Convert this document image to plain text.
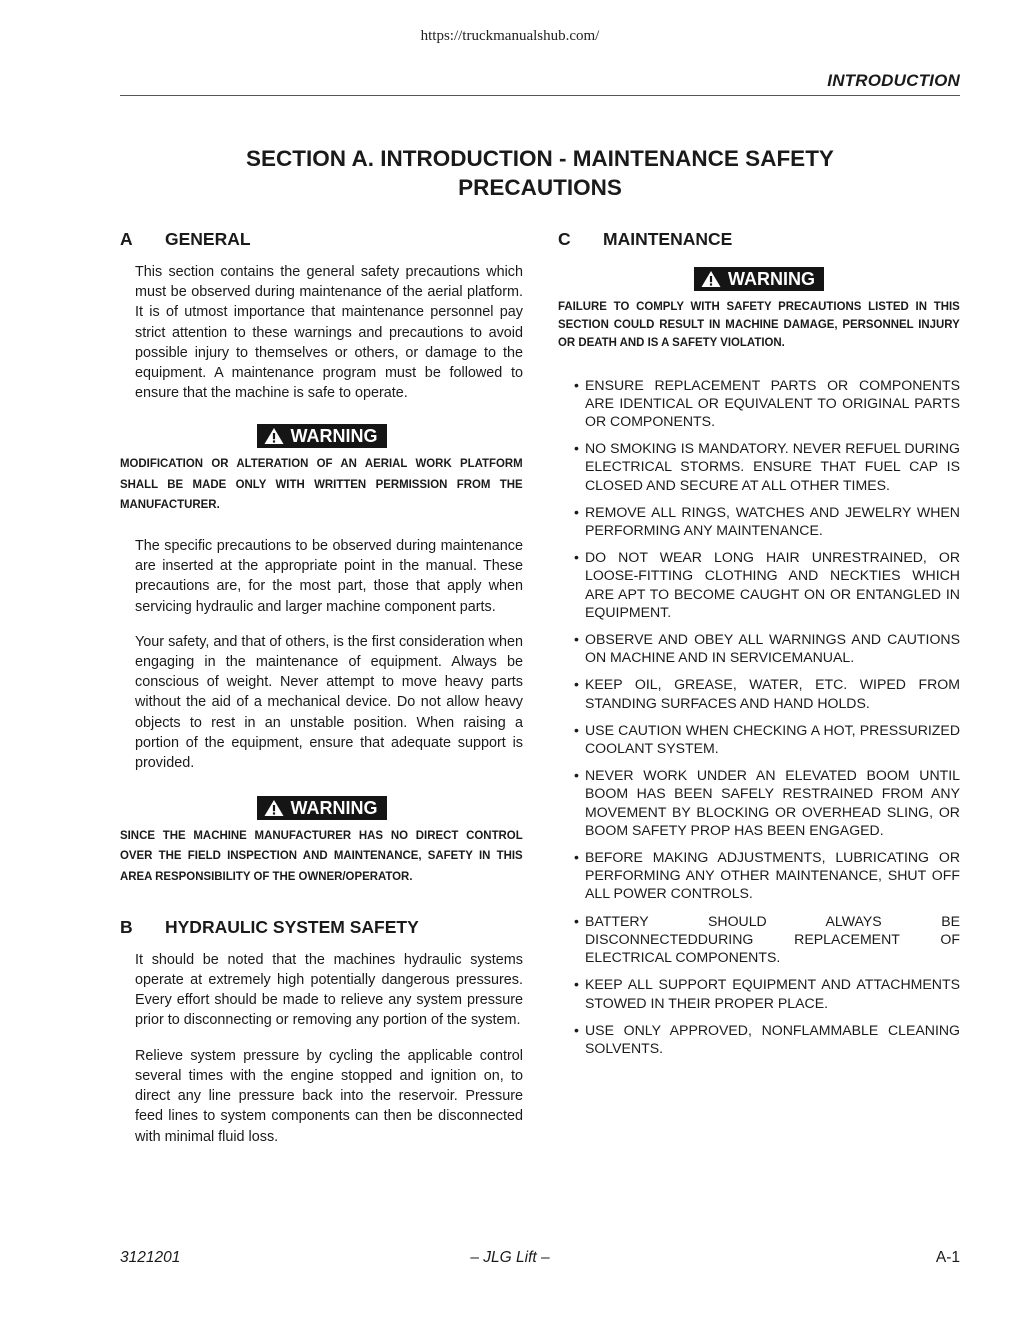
https://truckmanualshub.com/
INTRODUCTION
SECTION A. INTRODUCTION - MAINTENANCE SAFETY
PRECAUTIONS
A	GENERAL
This section contains the general safety precautions which must be observed during maintenance of the aerial platform. It is of utmost importance that maintenance personnel pay strict attention to these warnings and precautions to avoid possible injury to themselves or others, or damage to the equipment. A maintenance program must be followed to ensure that the machine is safe to operate.
WARNING
MODIFICATION OR ALTERATION OF AN AERIAL WORK PLATFORM SHALL BE MADE ONLY WITH WRITTEN PERMISSION FROM THE MANUFACTURER.
The specific precautions to be observed during maintenance are inserted at the appropriate point in the manual. These precautions are, for the most part, those that apply when servicing hydraulic and larger machine component parts.
Your safety, and that of others, is the first consideration when engaging in the maintenance of equipment. Always be conscious of weight. Never attempt to move heavy parts without the aid of a mechanical device. Do not allow heavy objects to rest in an unstable position. When raising a portion of the equipment, ensure that adequate support is provided.
WARNING
SINCE THE MACHINE MANUFACTURER HAS NO DIRECT CONTROL OVER THE FIELD INSPECTION AND MAINTENANCE, SAFETY IN THIS AREA RESPONSIBILITY OF THE OWNER/OPERATOR.
B	HYDRAULIC SYSTEM SAFETY
It should be noted that the machines hydraulic systems operate at extremely high potentially dangerous pressures. Every effort should be made to relieve any system pressure prior to disconnecting or removing any portion of the system.
Relieve system pressure by cycling the applicable control several times with the engine stopped and ignition on, to direct any line pressure back into the reservoir. Pressure feed lines to system components can then be disconnected with minimal fluid loss.
C	MAINTENANCE
WARNING
FAILURE TO COMPLY WITH SAFETY PRECAUTIONS LISTED IN THIS SECTION COULD RESULT IN MACHINE DAMAGE, PERSONNEL INJURY OR DEATH AND IS A SAFETY VIOLATION.
• ENSURE REPLACEMENT PARTS OR COMPONENTS ARE IDENTICAL OR EQUIVALENT TO ORIGINAL PARTS OR COMPONENTS.
• NO SMOKING IS MANDATORY. NEVER REFUEL DURING ELECTRICAL STORMS. ENSURE THAT FUEL CAP IS CLOSED AND SECURE AT ALL OTHER TIMES.
• REMOVE ALL RINGS, WATCHES AND JEWELRY WHEN PERFORMING ANY MAINTENANCE.
• DO NOT WEAR LONG HAIR UNRESTRAINED, OR LOOSE-FITTING CLOTHING AND NECKTIES WHICH ARE APT TO BECOME CAUGHT ON OR ENTANGLED IN EQUIPMENT.
• OBSERVE AND OBEY ALL WARNINGS AND CAUTIONS ON MACHINE AND IN SERVICEMANUAL.
• KEEP OIL, GREASE, WATER, ETC. WIPED FROM STANDING SURFACES AND HAND HOLDS.
• USE CAUTION WHEN CHECKING A HOT, PRESSURIZED COOLANT SYSTEM.
• NEVER WORK UNDER AN ELEVATED BOOM UNTIL BOOM HAS BEEN SAFELY RESTRAINED FROM ANY MOVEMENT BY BLOCKING OR OVERHEAD SLING, OR BOOM SAFETY PROP HAS BEEN ENGAGED.
• BEFORE MAKING ADJUSTMENTS, LUBRICATING OR PERFORMING ANY OTHER MAINTENANCE, SHUT OFF ALL POWER CONTROLS.
• BATTERY SHOULD ALWAYS BE DISCONNECTEDDURING REPLACEMENT OF ELECTRICAL COMPONENTS.
• KEEP ALL SUPPORT EQUIPMENT AND ATTACHMENTS STOWED IN THEIR PROPER PLACE.
• USE ONLY APPROVED, NONFLAMMABLE CLEANING SOLVENTS.
3121201	– JLG Lift –	A-1
